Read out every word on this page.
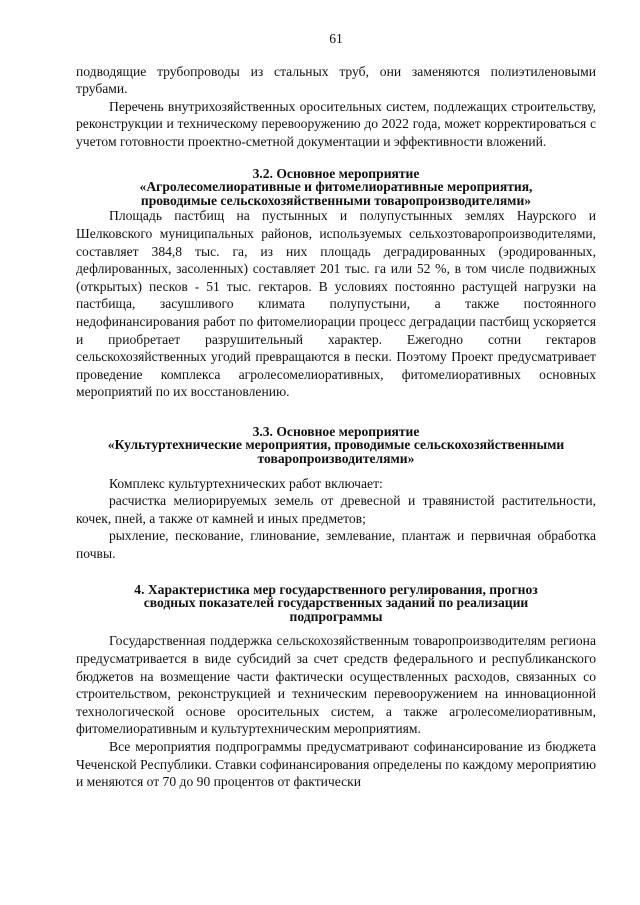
61

подводящие трубопроводы из стальных труб, они заменяются полиэтиленовыми трубами.

Перечень внутрихозяйственных оросительных систем, подлежащих строительству, реконструкции и техническому перевооружению до 2022 года, может корректироваться с учетом готовности проектно-сметной документации и эффективности вложений.

3.2. Основное мероприятие
«Агролесомелиоративные и фитомелиоративные мероприятия,
проводимые сельскохозяйственными товаропроизводителями»

Площадь пастбищ на пустынных и полупустынных землях Наурского и Шелковского муниципальных районов, используемых сельхозтоваропроизводителями, составляет 384,8 тыс. га, из них площадь деградированных (эродированных, дефлированных, засоленных) составляет 201 тыс. га или 52 %, в том числе подвижных (открытых) песков - 51 тыс. гектаров. В условиях постоянно растущей нагрузки на пастбища, засушливого климата полупустыни, а также постоянного недофинансирования работ по фитомелиорации процесс деградации пастбищ ускоряется и приобретает разрушительный характер. Ежегодно сотни гектаров сельскохозяйственных угодий превращаются в пески. Поэтому Проект предусматривает проведение комплекса агролесомелиоративных, фитомелиоративных основных мероприятий по их восстановлению.

3.3. Основное мероприятие
«Культуртехнические мероприятия, проводимые сельскохозяйственными
товаропроизводителями»

Комплекс культуртехнических работ включает:

расчистка мелиорируемых земель от древесной и травянистой растительности, кочек, пней, а также от камней и иных предметов;

рыхление, пескование, глинование, землевание, плантаж и первичная обработка почвы.

4. Характеристика мер государственного регулирования, прогноз
сводных показателей государственных заданий по реализации
подпрограммы

Государственная поддержка сельскохозяйственным товаропроизводителям региона предусматривается в виде субсидий за счет средств федерального и республиканского бюджетов на возмещение части фактически осуществленных расходов, связанных со строительством, реконструкцией и техническим перевооружением на инновационной технологической основе оросительных систем, а также агролесомелиоративным, фитомелиоративным и культуртехническим мероприятиям.

Все мероприятия подпрограммы предусматривают софинансирование из бюджета Чеченской Республики. Ставки софинансирования определены по каждому мероприятию и меняются от 70 до 90 процентов от фактически
